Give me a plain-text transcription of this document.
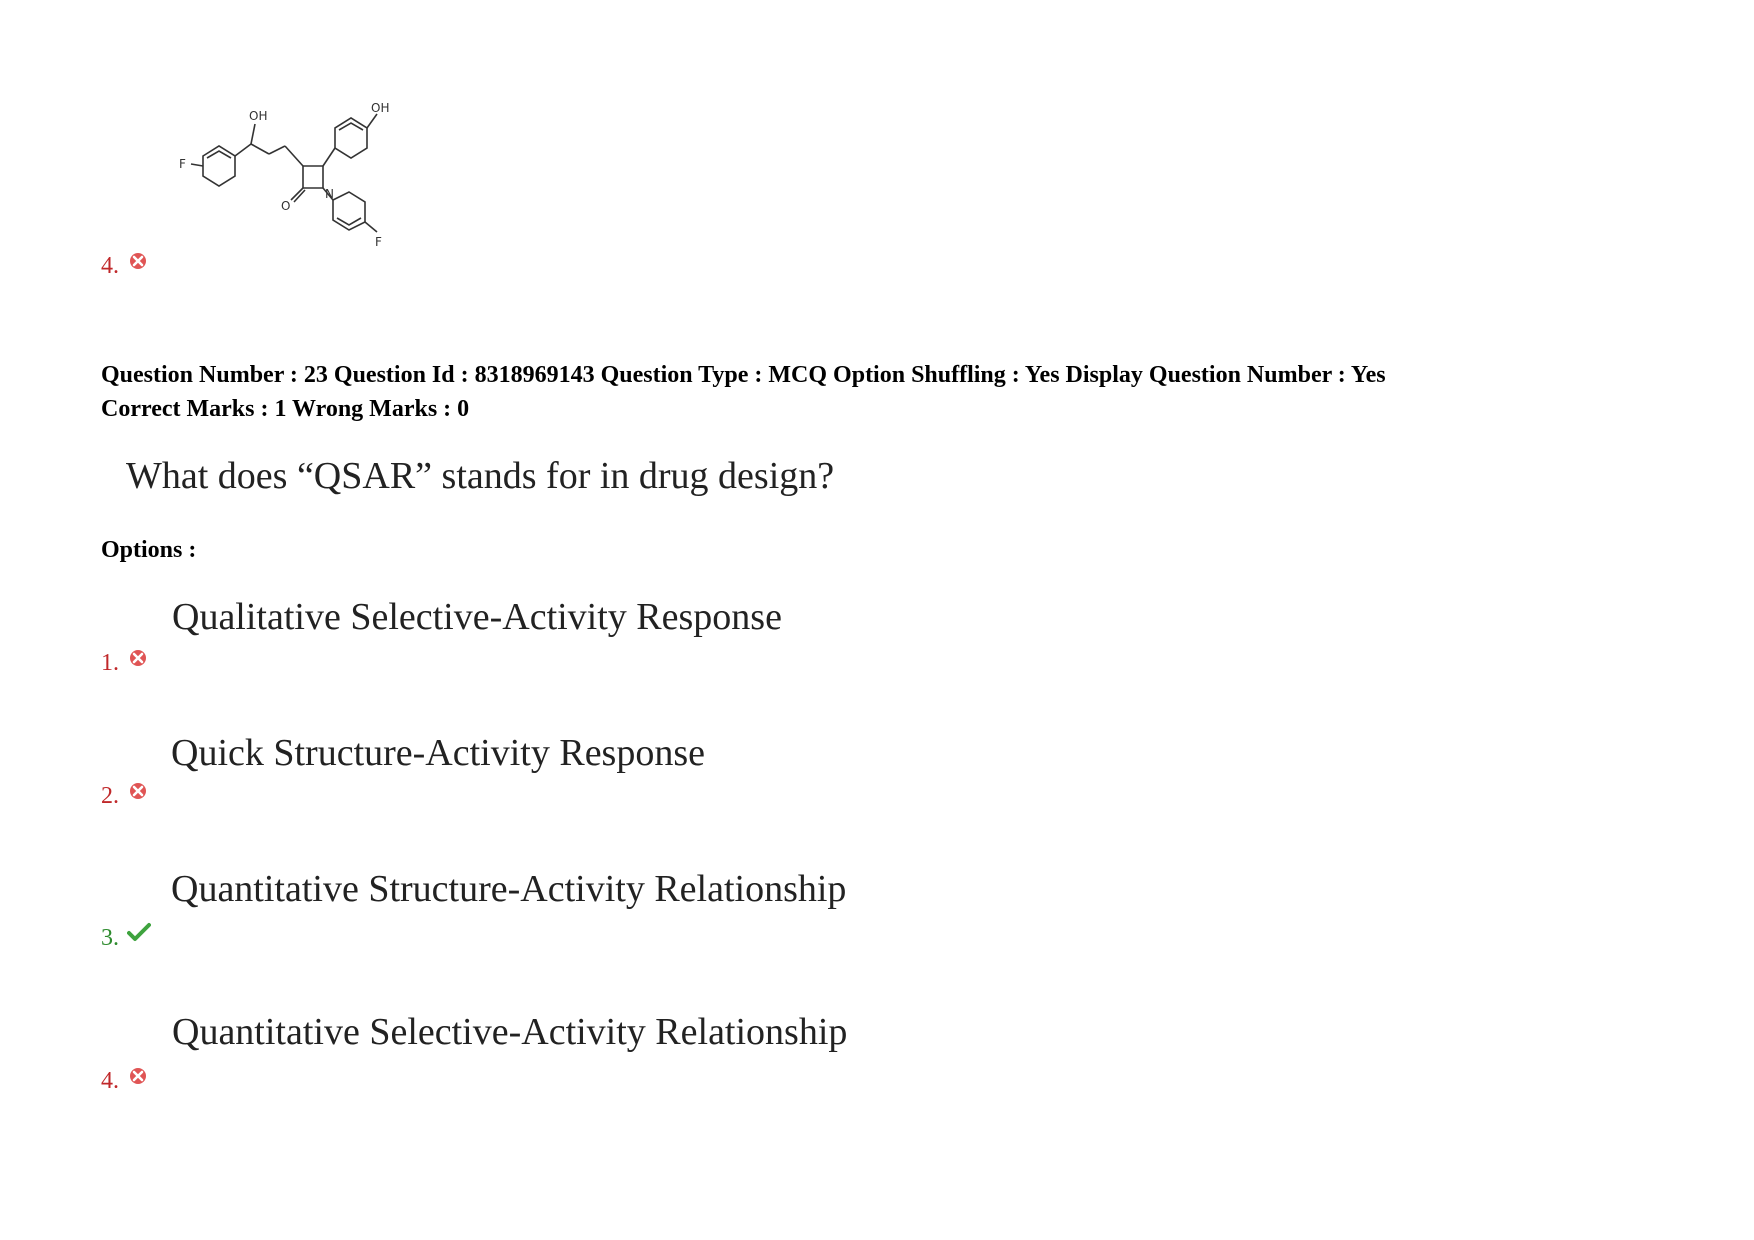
OH
OH
F
F
N
O
4.
Question Number : 23 Question Id : 8318969143 Question Type : MCQ Option Shuffling : Yes Display Question Number : Yes
Correct Marks : 1 Wrong Marks : 0
What does “QSAR” stands for in drug design?
Options :
Qualitative Selective-Activity Response
1.
Quick Structure-Activity Response
2.
Quantitative Structure-Activity Relationship
3.
Quantitative Selective-Activity Relationship
4.
